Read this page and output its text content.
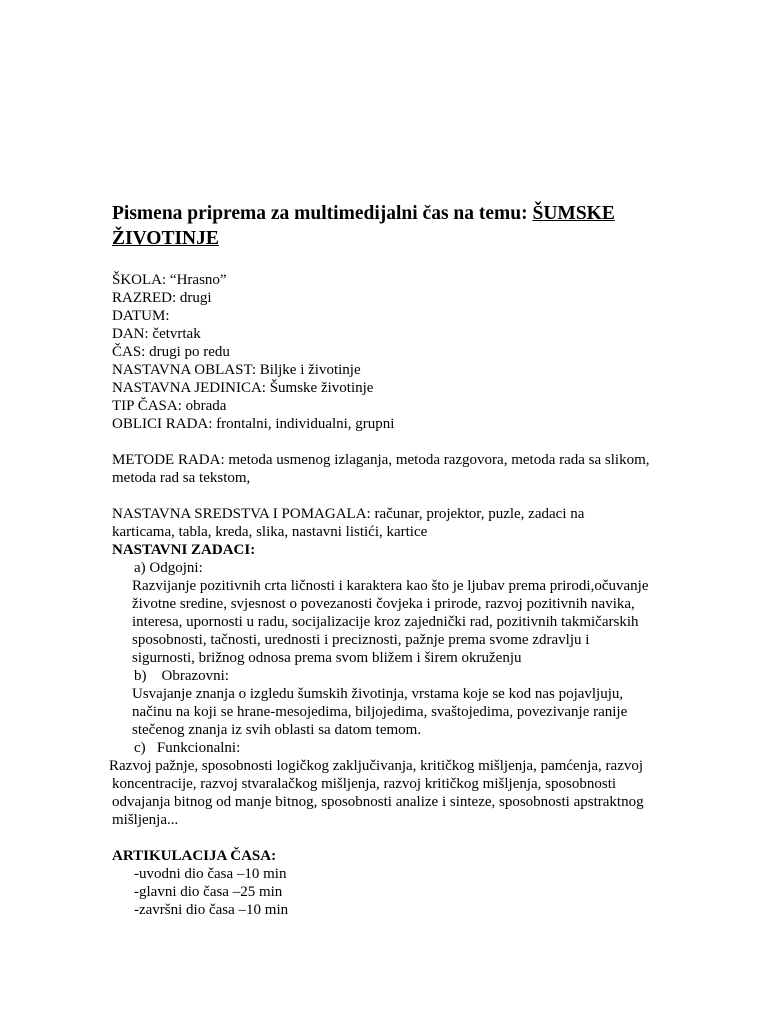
Pismena priprema za multimedijalni čas na temu: ŠUMSKE
ŽIVOTINJE
ŠKOLA: “Hrasno”
RAZRED: drugi
DATUM:
DAN: četvrtak
ČAS: drugi po redu
NASTAVNA OBLAST: Biljke i životinje
NASTAVNA JEDINICA: Šumske životinje
TIP ČASA: obrada
OBLICI RADA: frontalni, individualni, grupni
METODE RADA: metoda usmenog izlaganja, metoda razgovora, metoda rada sa slikom,
metoda rad sa tekstom,
NASTAVNA SREDSTVA I POMAGALA: računar, projektor, puzle, zadaci na
karticama, tabla, kreda, slika, nastavni listići, kartice
NASTAVNI ZADACI:
a) Odgojni:
Razvijanje pozitivnih crta ličnosti i karaktera kao što je ljubav prema prirodi,očuvanje
životne sredine, svjesnost o povezanosti čovjeka i prirode, razvoj pozitivnih navika,
interesa, upornosti u radu, socijalizacije kroz zajednički rad, pozitivnih takmičarskih
sposobnosti, tačnosti, urednosti i preciznosti, pažnje prema svome zdravlju i
sigurnosti, brižnog odnosa prema svom bližem i širem okruženju
b)    Obrazovni:
Usvajanje znanja o izgledu šumskih životinja, vrstama koje se kod nas pojavljuju,
načinu na koji se hrane-mesojedima, biljojedima, svaštojedima, povezivanje ranije
stečenog znanja iz svih oblasti sa datom temom.
c)   Funkcionalni:
Razvoj pažnje, sposobnosti logičkog zaključivanja, kritičkog mišljenja, pamćenja, razvoj
koncentracije, razvoj stvaralačkog mišljenja, razvoj kritičkog mišljenja, sposobnosti
odvajanja bitnog od manje bitnog, sposobnosti analize i sinteze, sposobnosti apstraktnog
mišljenja...
ARTIKULACIJA ČASA:
-uvodni dio časa –10 min
-glavni dio časa –25 min
-završni dio časa –10 min
